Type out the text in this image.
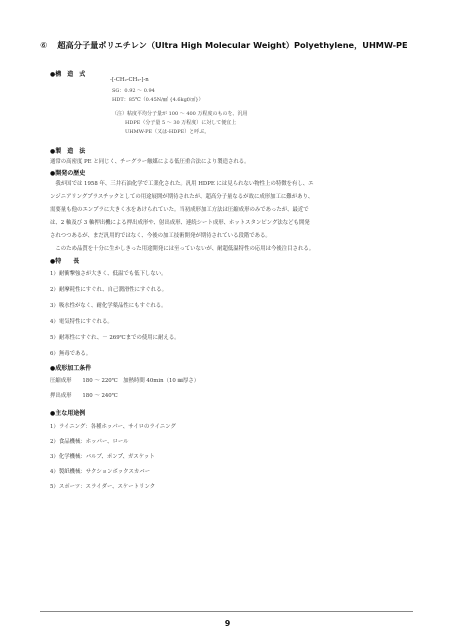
⑥ 超高分子量ポリエチレン（Ultra High Molecular Weight）Polyethylene，UHMW-PE
●構　造　式
-[-CH₂-CH₂-]-n
SG：0.92 ～ 0.94
HDT：85℃（0.45N/㎟ {4.6kgf/㎠}）
（注）粘度平均分子量が 100 ～ 400 万程度のものを、汎用
HDPE（分子量 5 ～ 30 万程度）に対して便宜上
UHMW-PE（又は-HDPE）と呼ぶ。
●製　造　法
通常の高密度 PE と同じく、チーグラー触媒による低圧重合法により製造される。
●開発の歴史
　我が国では 1958 年、三井石油化学で工業化された。汎用 HDPE には見られない物性上の特徴を有し、エ
ンジニアリングプラスチックとしての用途展開が期待されたが、超高分子量なるが故に成形加工に難があり、
需要量も他のエンプラに大きく水をあけられていた。当初成形加工方法は圧縮成形のみであったが、最近で
は、2 軸及び 3 軸押出機による押出成形や、射出成形、連続シート成形、ホットスタンピング法なども開発
されつつあるが、まだ汎用的ではなく、今後の加工技術開発が期待されている段階である。
　このため品質を十分に生かしきった用途開発には至っていないが、耐超低温特性の応用は今後注目される。
●特　　長
1）耐衝撃強さが大きく、低温でも低下しない。
2）耐摩耗性にすぐれ、自己潤滑性にすぐれる。
3）吸水性がなく、耐化学薬品性にもすぐれる。
4）電気特性にすぐれる。
5）耐寒性にすぐれ、－ 269℃までの使用に耐える。
6）無毒である。
●成形加工条件
圧縮成形　　180 ～ 220℃　加熱時間 40min（10 ㎜厚さ）
押出成形　　180 ～ 240℃
●主な用途例
1）ライニング：各種ホッパー、サイロのライニング
2）食品機械：ホッパー、ロール
3）化学機械：バルブ、ポンプ、ガスケット
4）製紙機械：サクションボックスカバー
5）スポーツ：スライダー、スケートリンク
9
